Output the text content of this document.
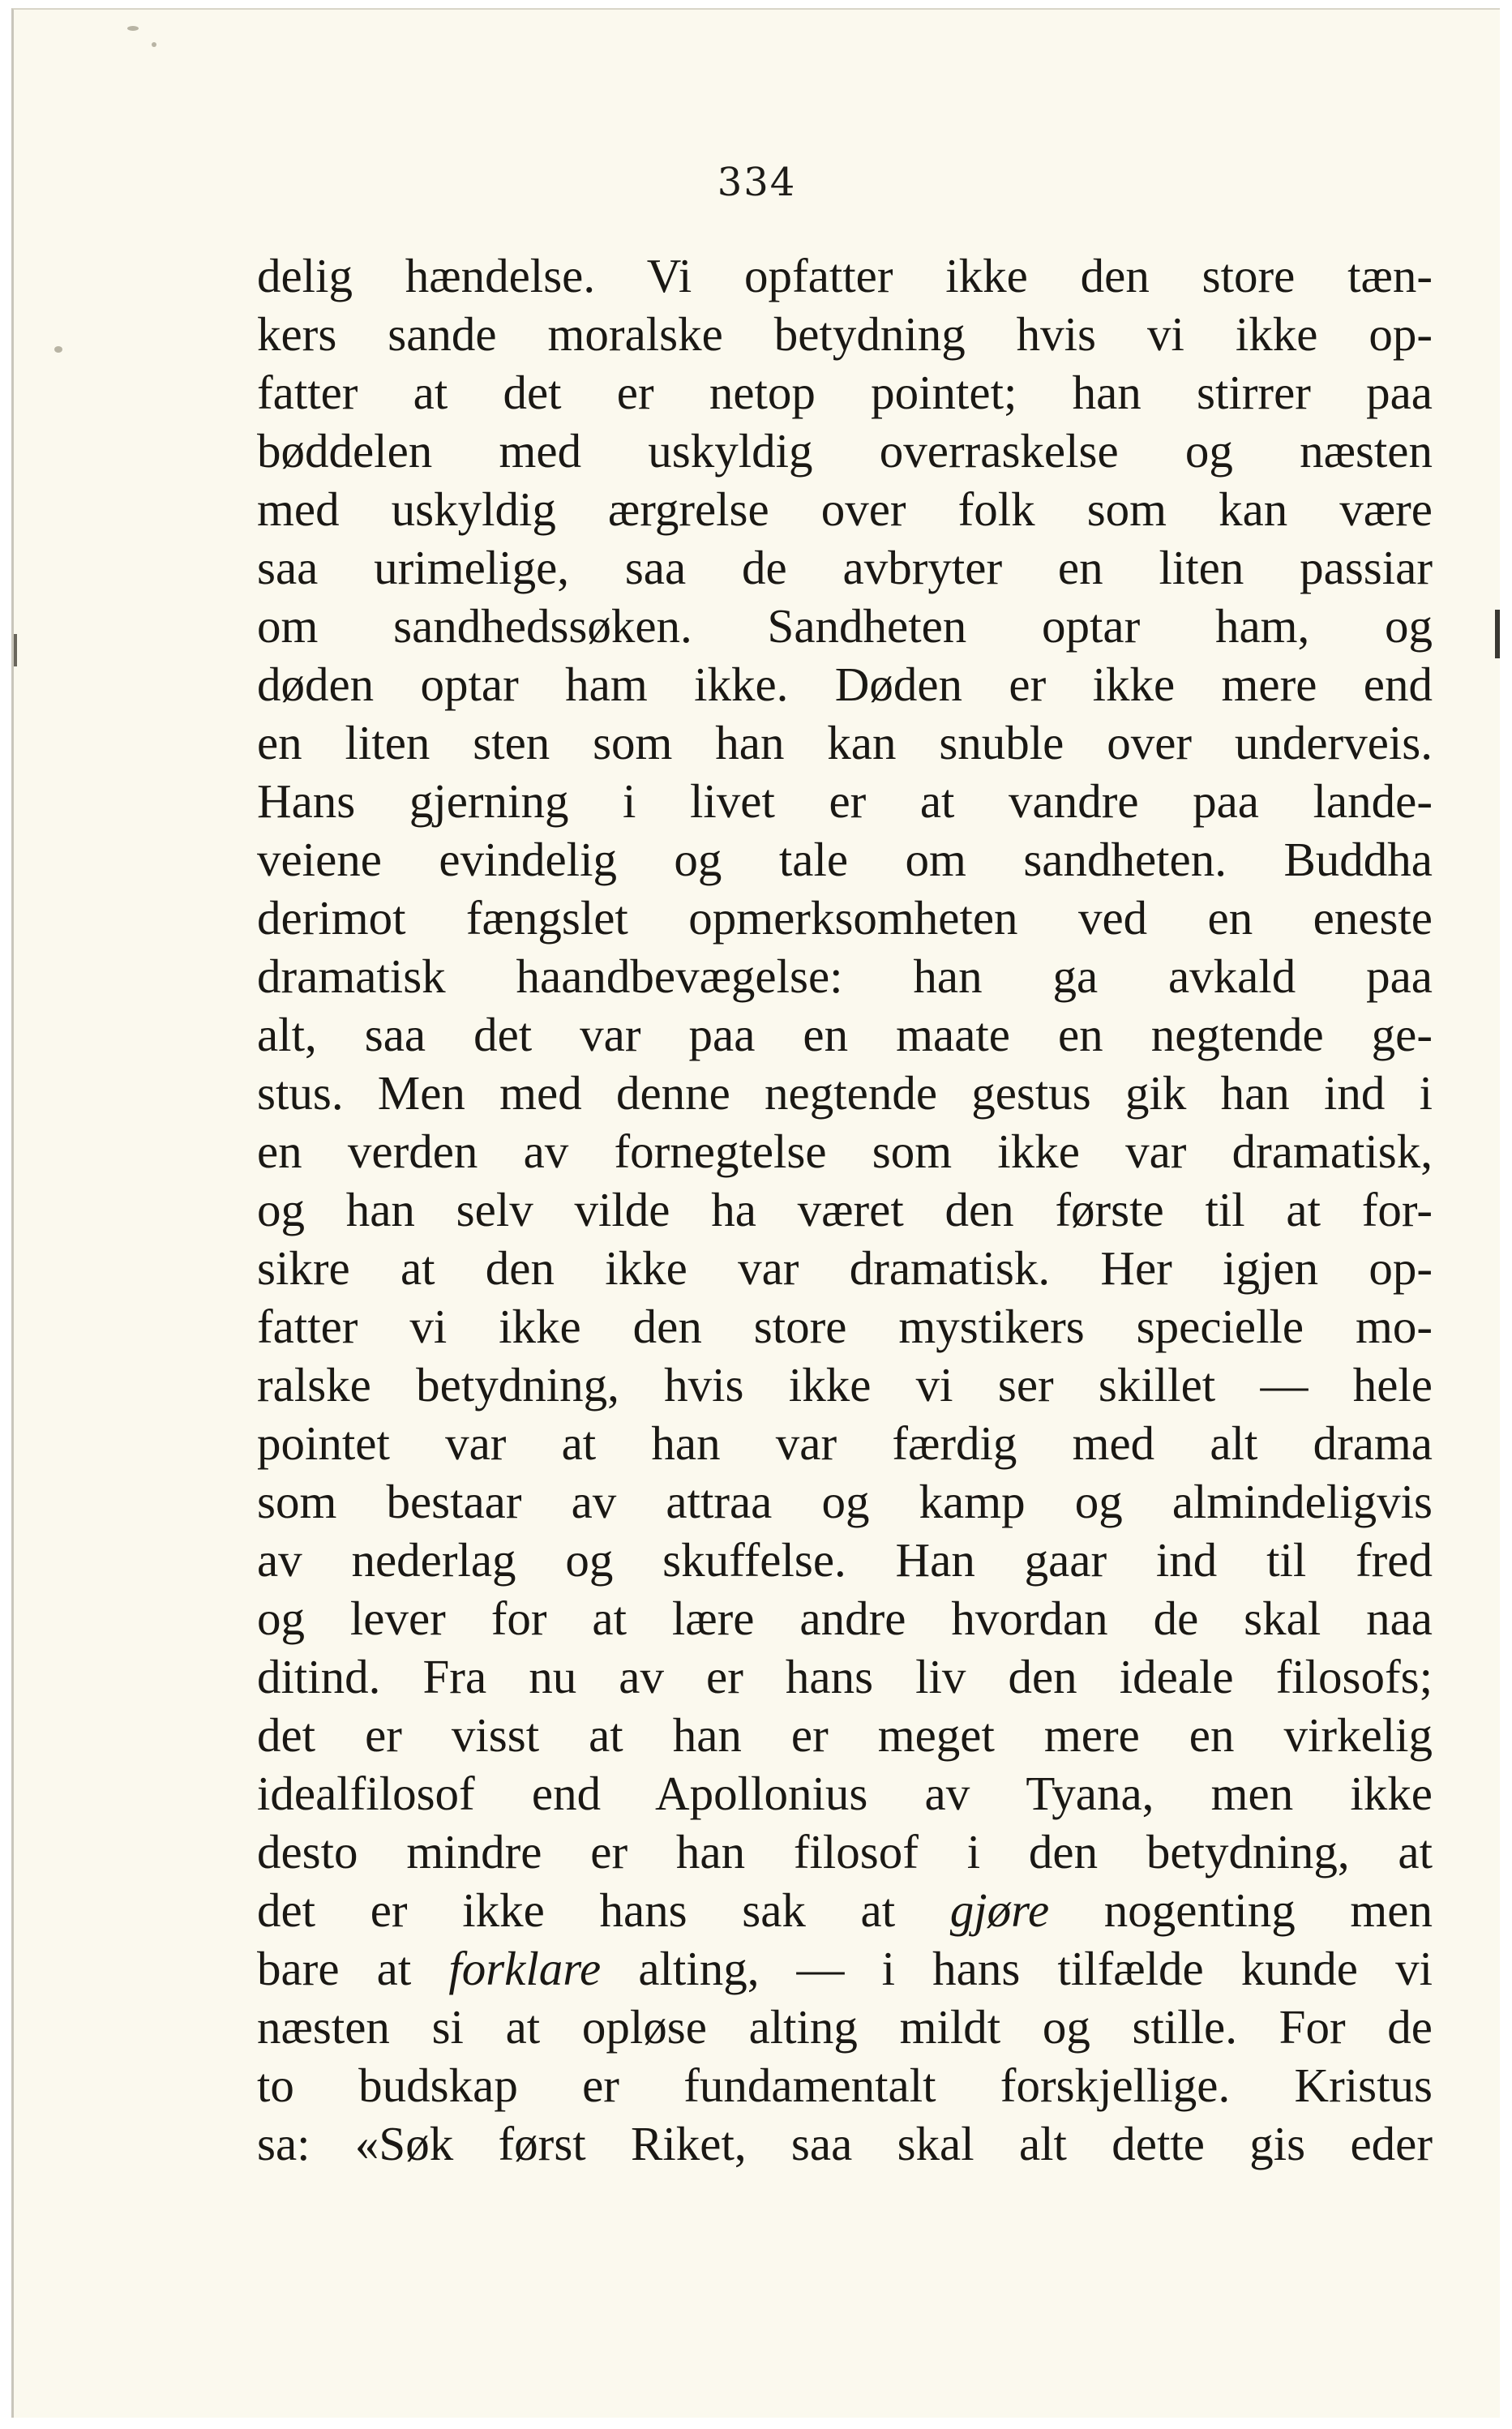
334
delig hændelse. Vi opfatter ikke den store tæn-
kers sande moralske betydning hvis vi ikke op-
fatter at det er netop pointet; han stirrer paa
bøddelen med uskyldig overraskelse og næsten
med uskyldig ærgrelse over folk som kan være
saa urimelige, saa de avbryter en liten passiar
om sandhedssøken. Sandheten optar ham, og
døden optar ham ikke. Døden er ikke mere end
en liten sten som han kan snuble over underveis.
Hans gjerning i livet er at vandre paa lande-
veiene evindelig og tale om sandheten. Buddha
derimot fængslet opmerksomheten ved en eneste
dramatisk haandbevægelse: han ga avkald paa
alt, saa det var paa en maate en negtende ge-
stus. Men med denne negtende gestus gik han ind i
en verden av fornegtelse som ikke var dramatisk,
og han selv vilde ha været den første til at for-
sikre at den ikke var dramatisk. Her igjen op-
fatter vi ikke den store mystikers specielle mo-
ralske betydning, hvis ikke vi ser skillet — hele
pointet var at han var færdig med alt drama
som bestaar av attraa og kamp og almindeligvis
av nederlag og skuffelse. Han gaar ind til fred
og lever for at lære andre hvordan de skal naa
ditind. Fra nu av er hans liv den ideale filosofs;
det er visst at han er meget mere en virkelig
idealfilosof end Apollonius av Tyana, men ikke
desto mindre er han filosof i den betydning, at
det er ikke hans sak at gjøre nogenting men
bare at forklare alting, — i hans tilfælde kunde vi
næsten si at opløse alting mildt og stille. For de
to budskap er fundamentalt forskjellige. Kristus
sa: «Søk først Riket, saa skal alt dette gis eder
